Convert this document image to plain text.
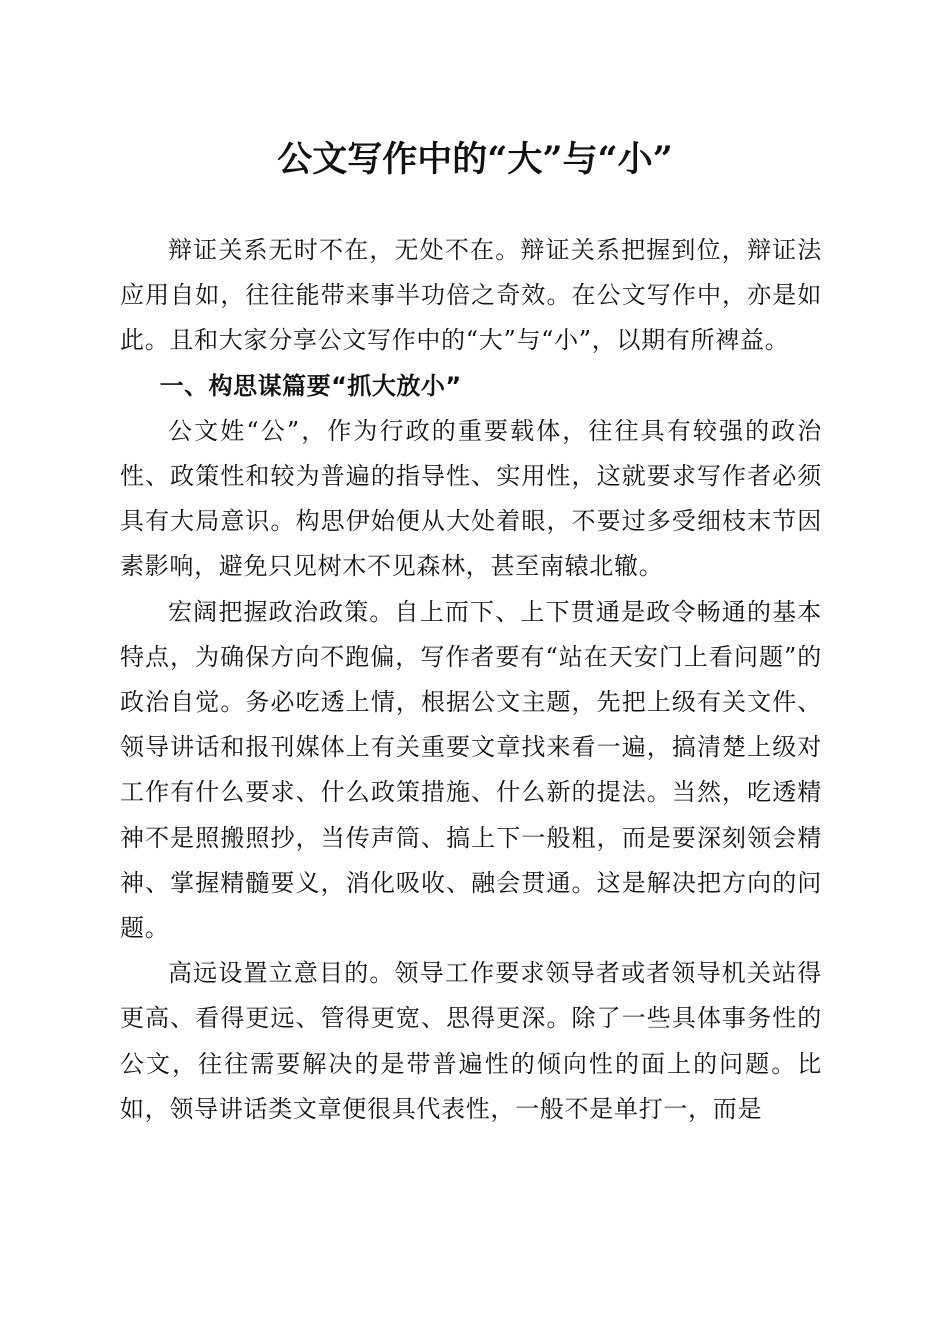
公文写作中的“大”与“小”

辩证关系无时不在，无处不在。辩证关系把握到位，辩证法应用自如，往往能带来事半功倍之奇效。在公文写作中，亦是如此。且和大家分享公文写作中的“大”与“小”，以期有所裨益。

一、构思谋篇要“抓大放小”

公文姓“公”，作为行政的重要载体，往往具有较强的政治性、政策性和较为普遍的指导性、实用性，这就要求写作者必须具有大局意识。构思伊始便从大处着眼，不要过多受细枝末节因素影响，避免只见树木不见森林，甚至南辕北辙。

宏阔把握政治政策。自上而下、上下贯通是政令畅通的基本特点，为确保方向不跑偏，写作者要有“站在天安门上看问题”的政治自觉。务必吃透上情，根据公文主题，先把上级有关文件、领导讲话和报刊媒体上有关重要文章找来看一遍，搞清楚上级对工作有什么要求、什么政策措施、什么新的提法。当然，吃透精神不是照搬照抄，当传声筒、搞上下一般粗，而是要深刻领会精神、掌握精髓要义，消化吸收、融会贯通。这是解决把方向的问题。

高远设置立意目的。领导工作要求领导者或者领导机关站得更高、看得更远、管得更宽、思得更深。除了一些具体事务性的公文，往往需要解决的是带普遍性的倾向性的面上的问题。比如，领导讲话类文章便很具代表性，一般不是单打一，而是
